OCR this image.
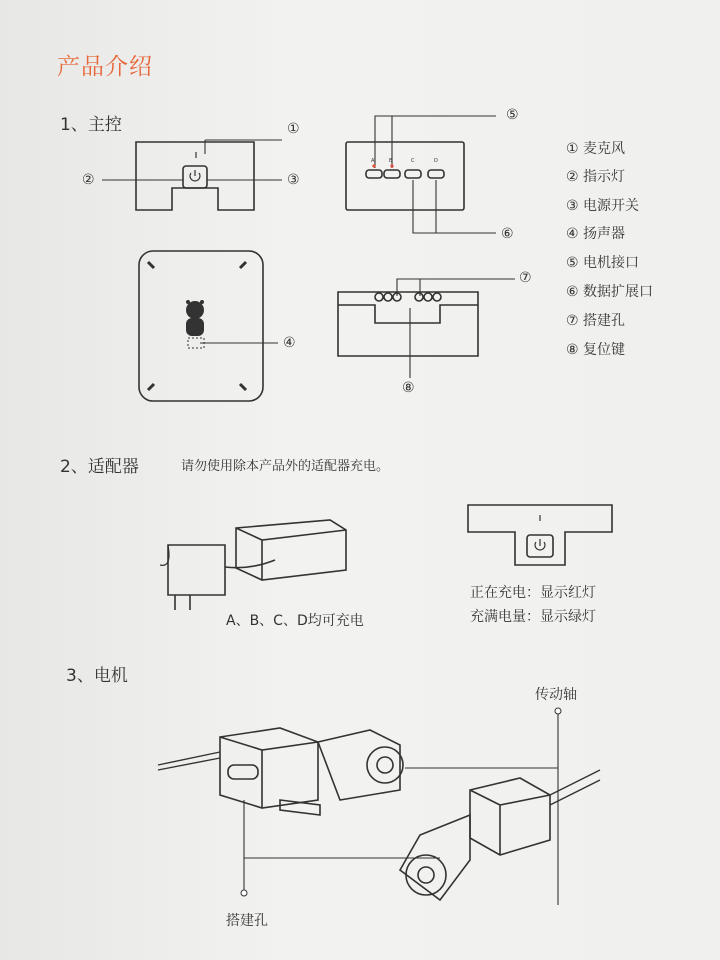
产品介绍
1、主控	①
②	③
④
⑤
⑥
⑦
⑧
A	B	C	D
① 麦克风
② 指示灯
③ 电源开关
④ 扬声器
⑤ 电机接口
⑥ 数据扩展口
⑦ 搭建孔
⑧ 复位键
2、适配器	请勿使用除本产品外的适配器充电。
A、B、C、D均可充电
正在充电：显示红灯
充满电量：显示绿灯
3、电机
传动轴
搭建孔
